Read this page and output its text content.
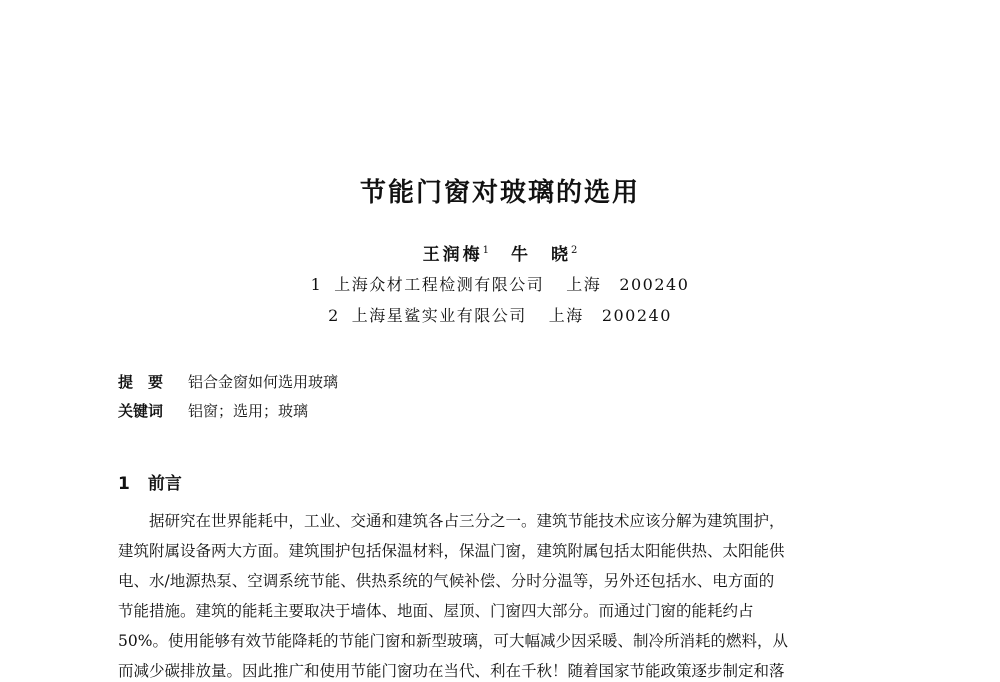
节能门窗对玻璃的选用
王润梅$^1$ 牛　晓$^2$
1 上海众材工程检测有限公司 上海 200240
2 上海星鲨实业有限公司 上海 200240
提　要 铝合金窗如何选用玻璃
关键词 铝窗；选用；玻璃
1 前言
据研究在世界能耗中，工业、交通和建筑各占三分之一。建筑节能技术应该分解为建筑围护，
建筑附属设备两大方面。建筑围护包括保温材料，保温门窗，建筑附属包括太阳能供热、太阳能供
电、水/地源热泵、空调系统节能、供热系统的气候补偿、分时分温等，另外还包括水、电方面的
节能措施。建筑的能耗主要取决于墙体、地面、屋顶、门窗四大部分。而通过门窗的能耗约占
50%。使用能够有效节能降耗的节能门窗和新型玻璃，可大幅减少因采暖、制冷所消耗的燃料，从
而减少碳排放量。因此推广和使用节能门窗功在当代、利在千秋！随着国家节能政策逐步制定和落
